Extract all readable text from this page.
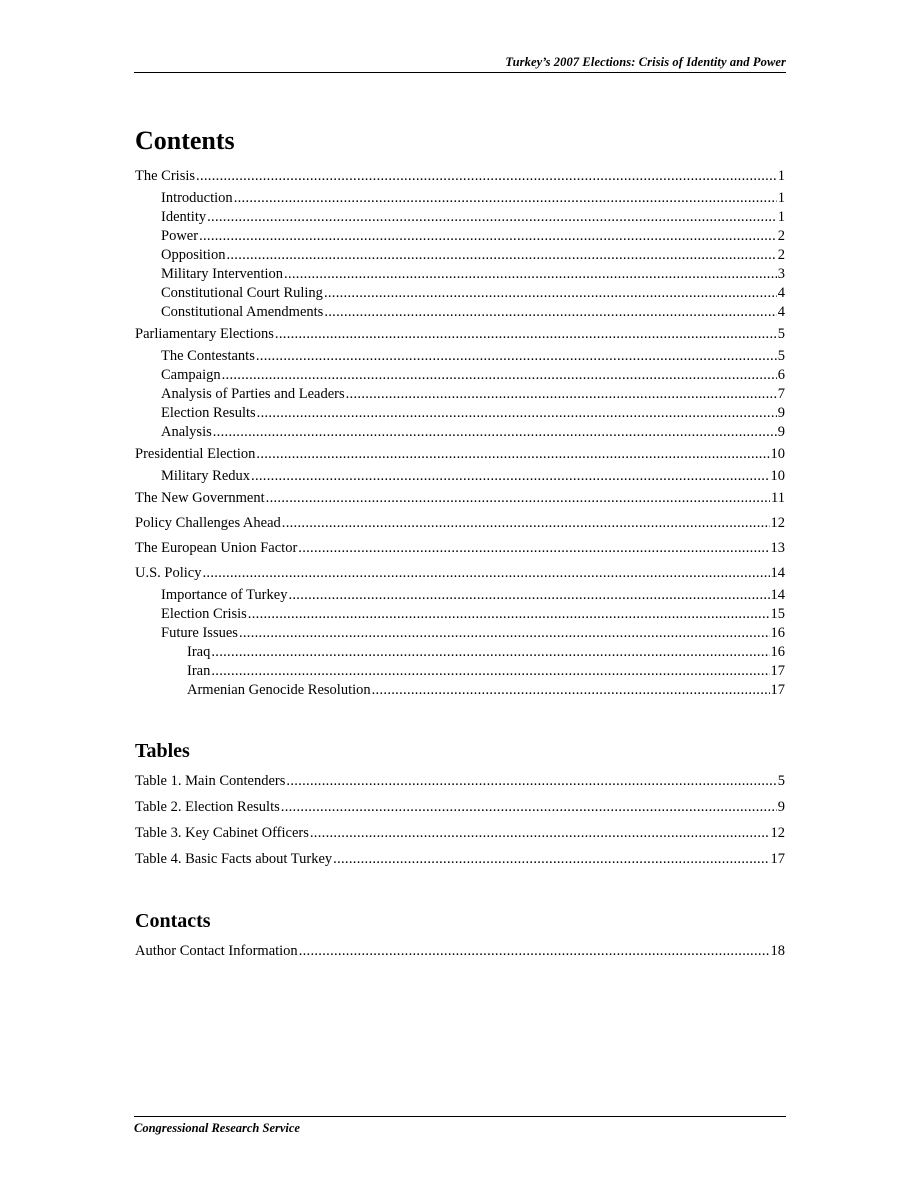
Turkey’s 2007 Elections: Crisis of Identity and Power
Contents
The Crisis .....	1
Introduction .....	1
Identity .....	1
Power .....	2
Opposition .....	2
Military Intervention .....	3
Constitutional Court Ruling .....	4
Constitutional Amendments .....	4
Parliamentary Elections .....	5
The Contestants .....	5
Campaign .....	6
Analysis of Parties and Leaders .....	7
Election Results .....	9
Analysis .....	9
Presidential Election .....	10
Military Redux .....	10
The New Government .....	11
Policy Challenges Ahead .....	12
The European Union Factor .....	13
U.S. Policy .....	14
Importance of Turkey .....	14
Election Crisis .....	15
Future Issues .....	16
Iraq .....	16
Iran .....	17
Armenian Genocide Resolution .....	17
Tables
Table 1. Main Contenders .....	5
Table 2. Election Results .....	9
Table 3. Key Cabinet Officers .....	12
Table 4. Basic Facts about Turkey .....	17
Contacts
Author Contact Information .....	18
Congressional Research Service
